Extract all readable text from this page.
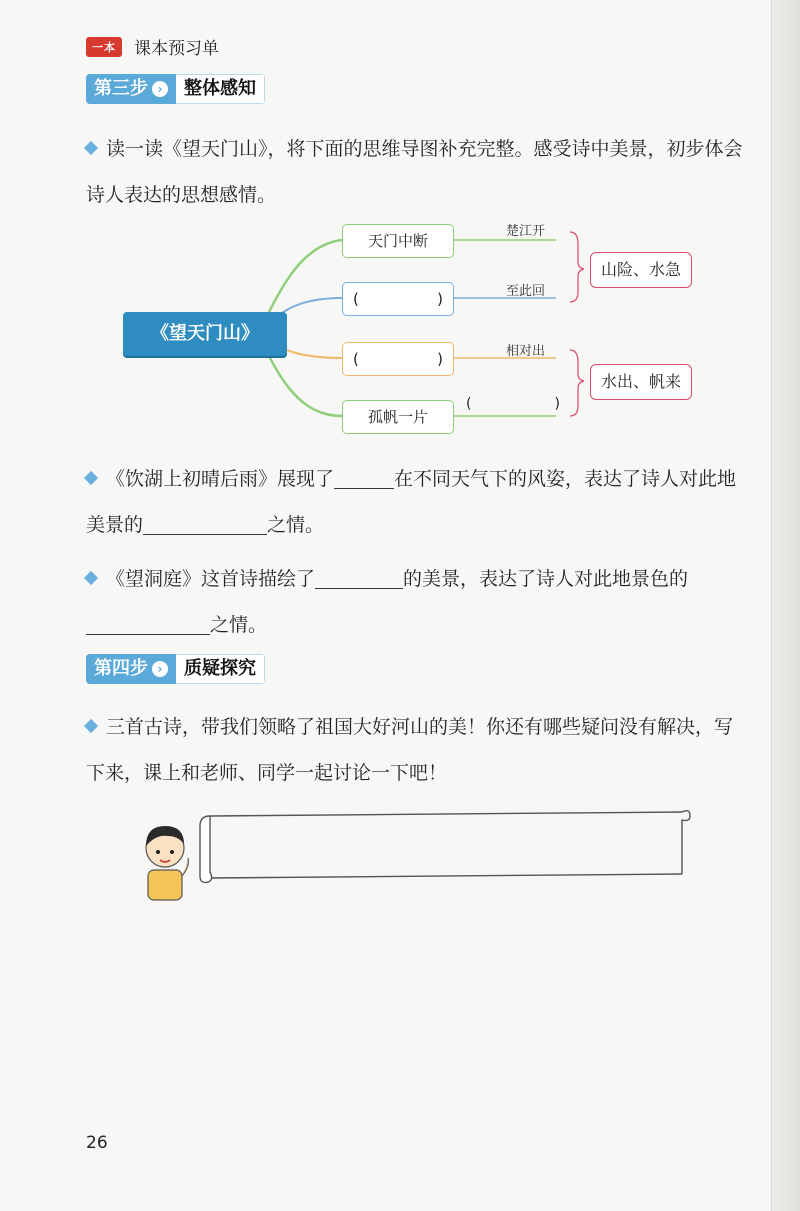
一本	课本预习单
第三步 ›	整体感知
读一读《望天门山》，将下面的思维导图补充完整。感受诗中美景，初步体会诗人表达的思想感情。
《望天门山》
天门中断
(	)
(	)
孤帆一片
楚江开
至此回
相对出
(	)
山险、水急
水出、帆来
《饮湖上初晴后雨》展现了	在不同天气下的风姿，表达了诗人对此地美景的	之情。
《望洞庭》这首诗描绘了	的美景，表达了诗人对此地景色的之情。
第四步 ›	质疑探究
三首古诗，带我们领略了祖国大好河山的美！你还有哪些疑问没有解决，写下来，课上和老师、同学一起讨论一下吧！
26
